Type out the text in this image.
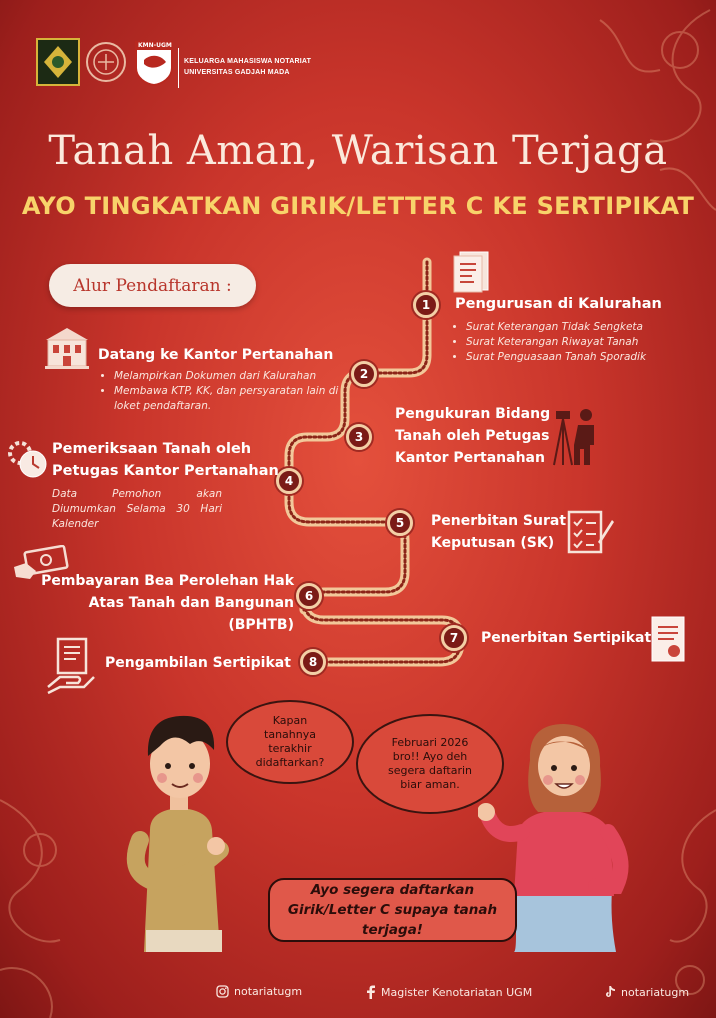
KMN-UGM
KELUARGA MAHASISWA NOTARIAT
UNIVERSITAS GADJAH MADA
Tanah Aman, Warisan Terjaga
AYO TINGKATKAN GIRIK/LETTER C KE SERTIPIKAT
Alur Pendaftaran :
1
2
3
4
5
6
7
8
Pengurusan di Kalurahan
• Surat Keterangan Tidak Sengketa
• Surat Keterangan Riwayat Tanah
• Surat Penguasaan Tanah Sporadik
Datang ke Kantor Pertanahan
• Melampirkan Dokumen dari Kalurahan
• Membawa KTP, KK, dan persyaratan lain di loket pendaftaran.	Pengukuran Bidang
Tanah oleh Petugas
Kantor Pertanahan
Pemeriksaan Tanah oleh
Petugas Kantor Pertanahan
Data Pemohon akan Diumumkan Selama 30 Hari Kalender	Penerbitan Surat
Keputusan (SK)
Pembayaran Bea Perolehan Hak
Atas Tanah dan Bangunan (BPHTB)
Penerbitan Sertipikat
Pengambilan Sertipikat
Kapan tanahnya terakhir didaftarkan?
Februari 2026 bro!! Ayo deh segera daftarin biar aman.
Ayo segera daftarkan Girik/Letter C supaya tanah terjaga!
notariatugm	Magister Kenotariatan UGM	notariatugm
